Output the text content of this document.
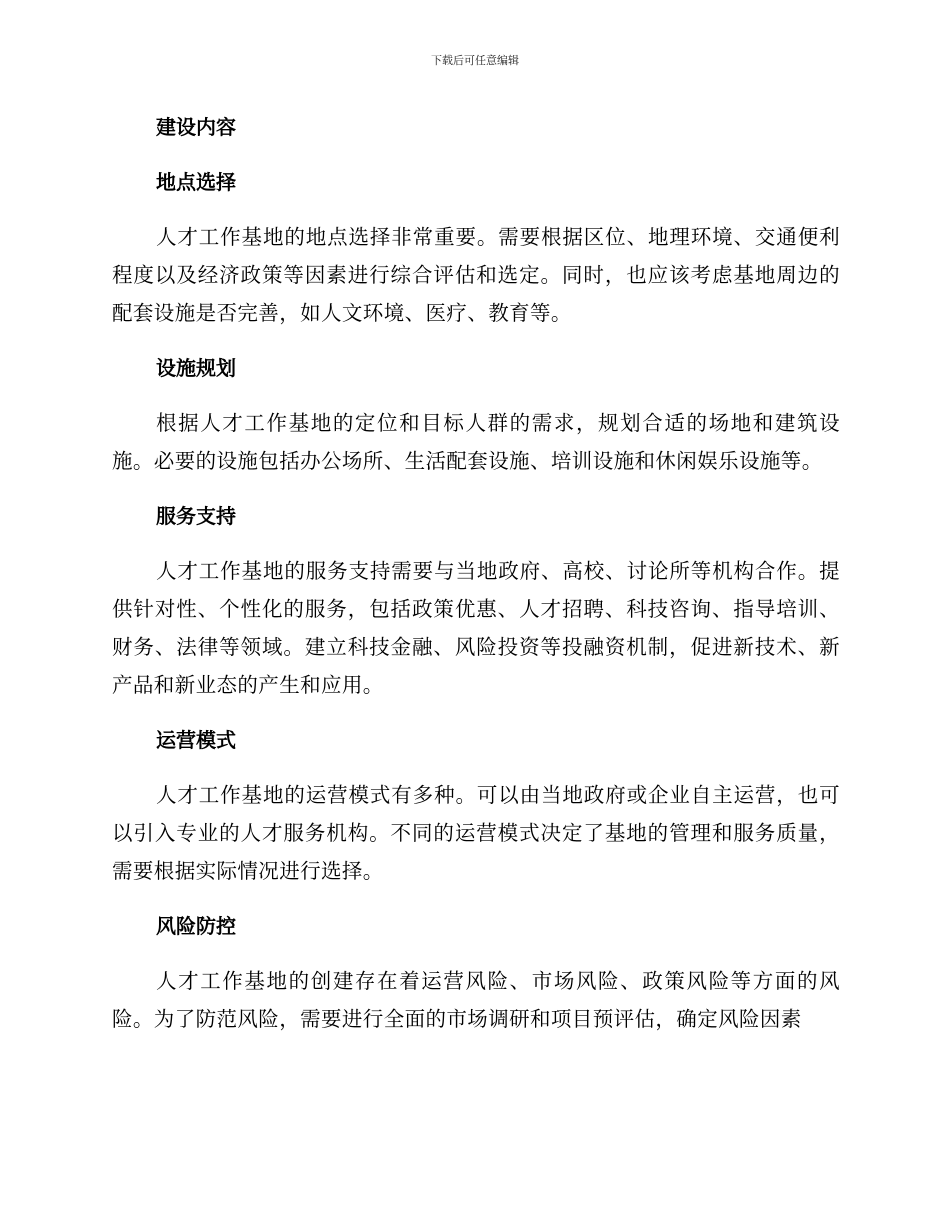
下载后可任意编辑
建设内容
地点选择

人才工作基地的地点选择非常重要。需要根据区位、地理环境、交通便利程度以及经济政策等因素进行综合评估和选定。同时，也应该考虑基地周边的配套设施是否完善，如人文环境、医疗、教育等。

设施规划

根据人才工作基地的定位和目标人群的需求，规划合适的场地和建筑设施。必要的设施包括办公场所、生活配套设施、培训设施和休闲娱乐设施等。

服务支持

人才工作基地的服务支持需要与当地政府、高校、讨论所等机构合作。提供针对性、个性化的服务，包括政策优惠、人才招聘、科技咨询、指导培训、财务、法律等领域。建立科技金融、风险投资等投融资机制，促进新技术、新产品和新业态的产生和应用。

运营模式

人才工作基地的运营模式有多种。可以由当地政府或企业自主运营，也可以引入专业的人才服务机构。不同的运营模式决定了基地的管理和服务质量，需要根据实际情况进行选择。

风险防控

人才工作基地的创建存在着运营风险、市场风险、政策风险等方面的风险。为了防范风险，需要进行全面的市场调研和项目预评估，确定风险因素
